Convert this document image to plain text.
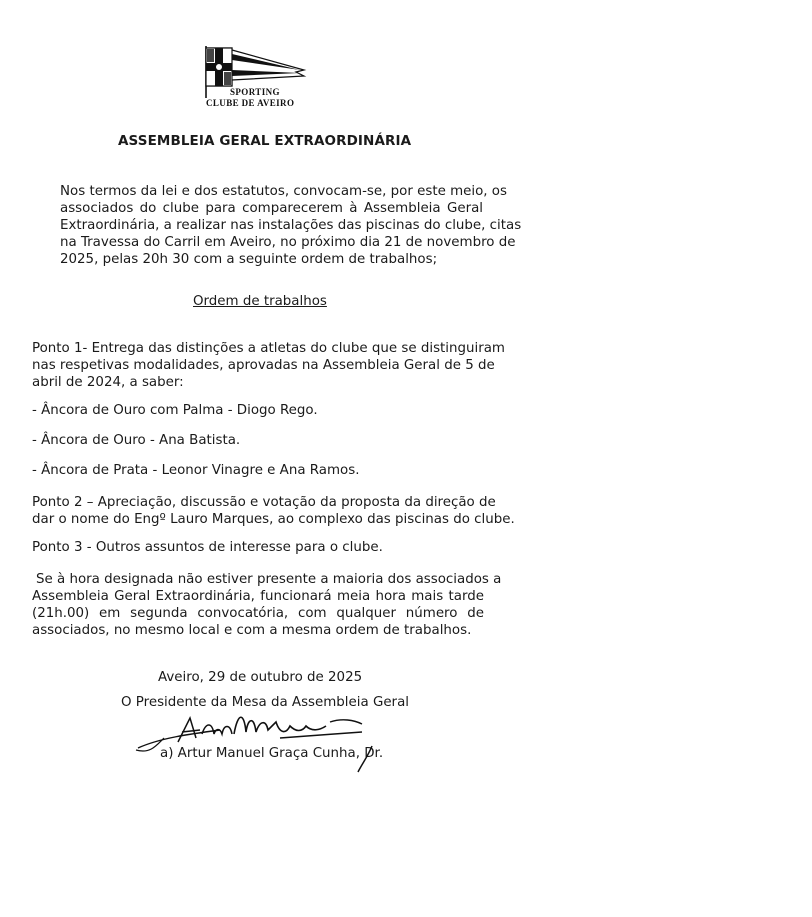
SPORTING
CLUBE DE AVEIRO
ASSEMBLEIA GERAL EXTRAORDINÁRIA
Nos termos da lei e dos estatutos, convocam-se, por este meio, os
associados do clube para comparecerem à Assembleia Geral
Extraordinária, a realizar nas instalações das piscinas do clube, citas
na Travessa do Carril em Aveiro, no próximo dia 21 de novembro de
2025, pelas 20h 30 com a seguinte ordem de trabalhos;
Ordem de trabalhos
Ponto 1- Entrega das distinções a atletas do clube que se distinguiram
nas respetivas modalidades, aprovadas na Assembleia Geral de 5 de
abril de 2024, a saber:
- Âncora de Ouro com Palma - Diogo Rego.
- Âncora de Ouro - Ana Batista.
- Âncora de Prata - Leonor Vinagre e Ana Ramos.
Ponto 2 – Apreciação, discussão e votação da proposta da direção de
dar o nome do Engº Lauro Marques, ao complexo das piscinas do clube.
Ponto 3 - Outros assuntos de interesse para o clube.
Se à hora designada não estiver presente a maioria dos associados a
Assembleia Geral Extraordinária, funcionará meia hora mais tarde
(21h.00) em segunda convocatória, com qualquer número de
associados, no mesmo local e com a mesma ordem de trabalhos.
Aveiro, 29 de outubro de 2025
O Presidente da Mesa da Assembleia Geral
a) Artur Manuel Graça Cunha, Dr.
